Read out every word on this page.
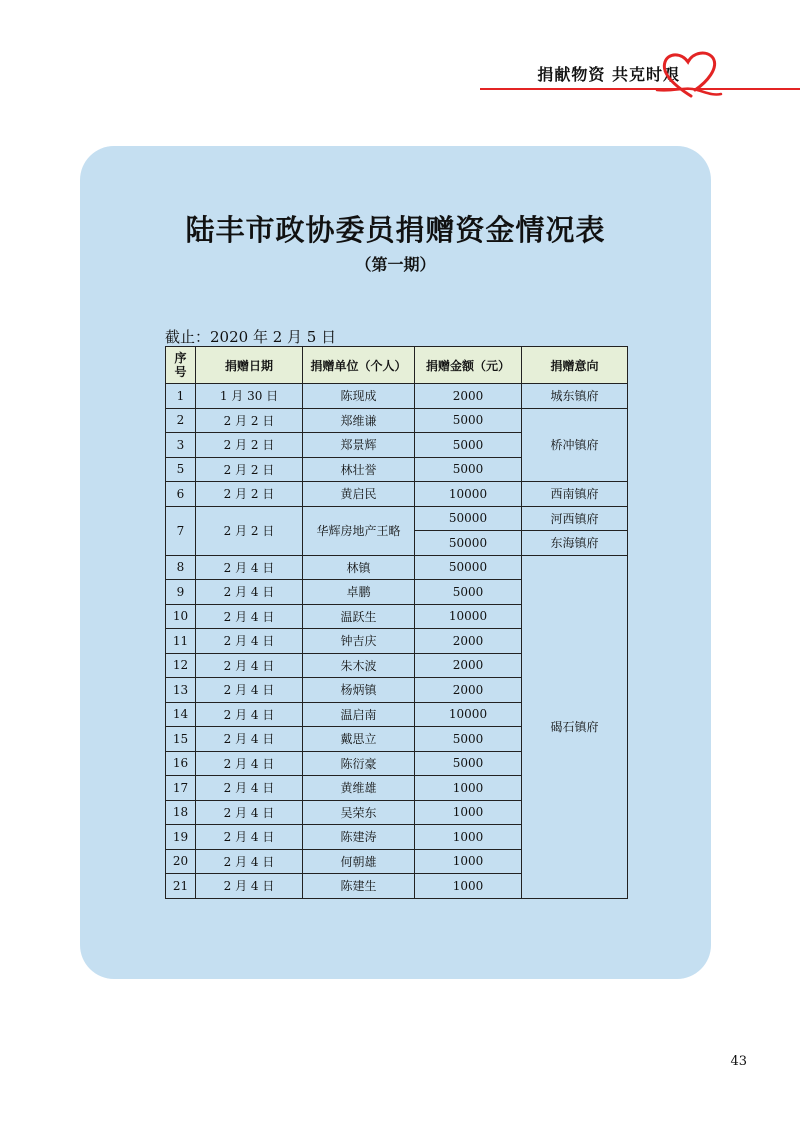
捐献物资 共克时艰
陆丰市政协委员捐赠资金情况表
（第一期）
截止：2020 年 2 月 5 日
序
号	捐赠日期	捐赠单位（个人）	捐赠金额（元）	捐赠意向
1	1 月 30 日	陈现成	2000	城东镇府
2	2 月 2 日	郑维谦	5000	桥冲镇府
3	2 月 2 日	郑景辉	5000	
5	2 月 2 日	林壮誉	5000	
6	2 月 2 日	黄启民	10000	西南镇府
7	2 月 2 日	华辉房地产王略	50000	河西镇府
			50000	东海镇府
8	2 月 4 日	林镇	50000	碣石镇府
9	2 月 4 日	卓鹏	5000	
10	2 月 4 日	温跃生	10000	
11	2 月 4 日	钟吉庆	2000	
12	2 月 4 日	朱木波	2000	
13	2 月 4 日	杨炳镇	2000	
14	2 月 4 日	温启南	10000	
15	2 月 4 日	戴思立	5000	
16	2 月 4 日	陈衍豪	5000	
17	2 月 4 日	黄维雄	1000	
18	2 月 4 日	吴荣东	1000	
19	2 月 4 日	陈建涛	1000	
20	2 月 4 日	何朝雄	1000	
21	2 月 4 日	陈建生	1000	
43
